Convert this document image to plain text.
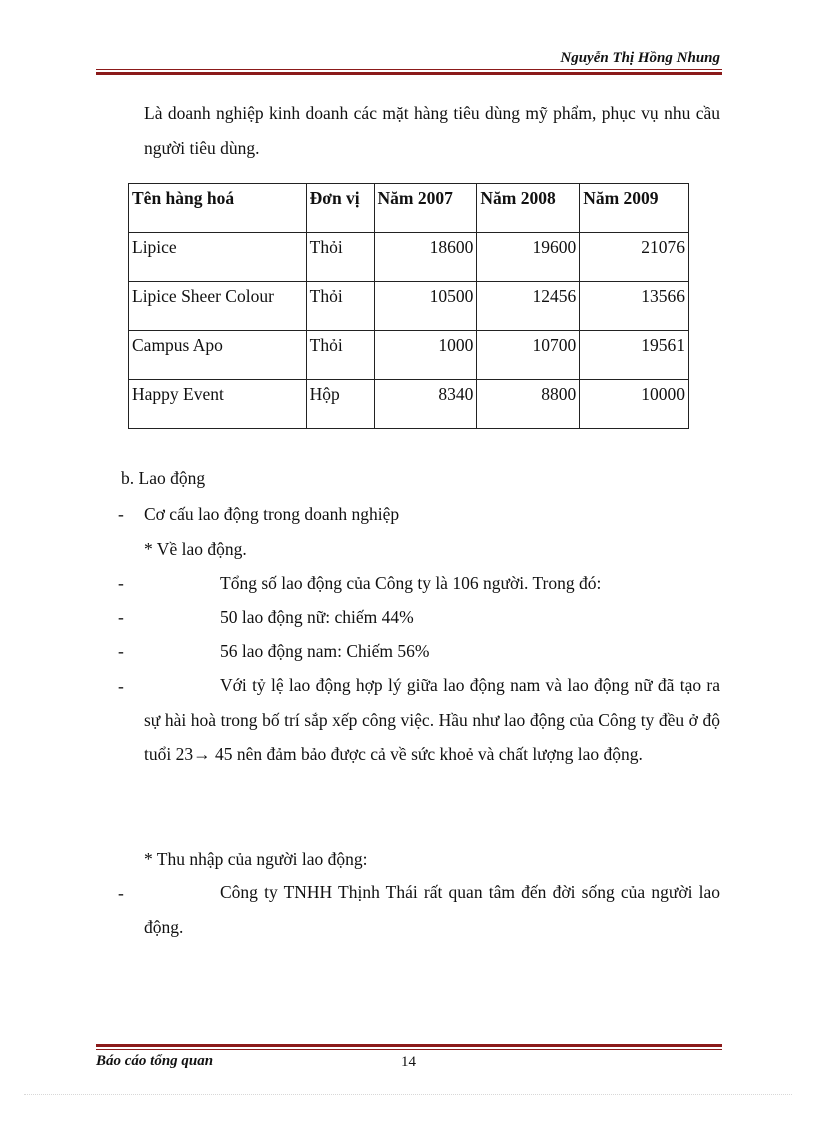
Nguyễn Thị Hồng Nhung
Là doanh nghiệp kinh doanh các mặt hàng tiêu dùng mỹ phẩm, phục vụ nhu cầu người tiêu dùng.
Tên hàng hoá	Đơn vị	Năm 2007	Năm 2008	Năm 2009
Lipice	Thỏi	18600	19600	21076
Lipice Sheer Colour	Thỏi	10500	12456	13566
Campus Apo	Thỏi	1000	10700	19561
Happy Event	Hộp	8340	8800	10000
b. Lao động
- Cơ cấu lao động trong doanh nghiệp
* Về lao động.
-	Tổng số lao động của Công ty là 106 người. Trong đó:
-	50 lao động nữ: chiếm 44%
-	56 lao động nam: Chiếm 56%
-	Với tỷ lệ lao động hợp lý giữa lao động nam và lao động nữ đã tạo ra sự hài hoà trong bố trí sắp xếp công việc. Hầu như lao động của Công ty đều ở độ tuổi 23→ 45 nên đảm bảo được cả về sức khoẻ và chất lượng lao động.
* Thu nhập của người lao động:
-	Công ty TNHH Thịnh Thái rất quan tâm đến đời sống của người lao động.
Báo cáo tổng quan	14
